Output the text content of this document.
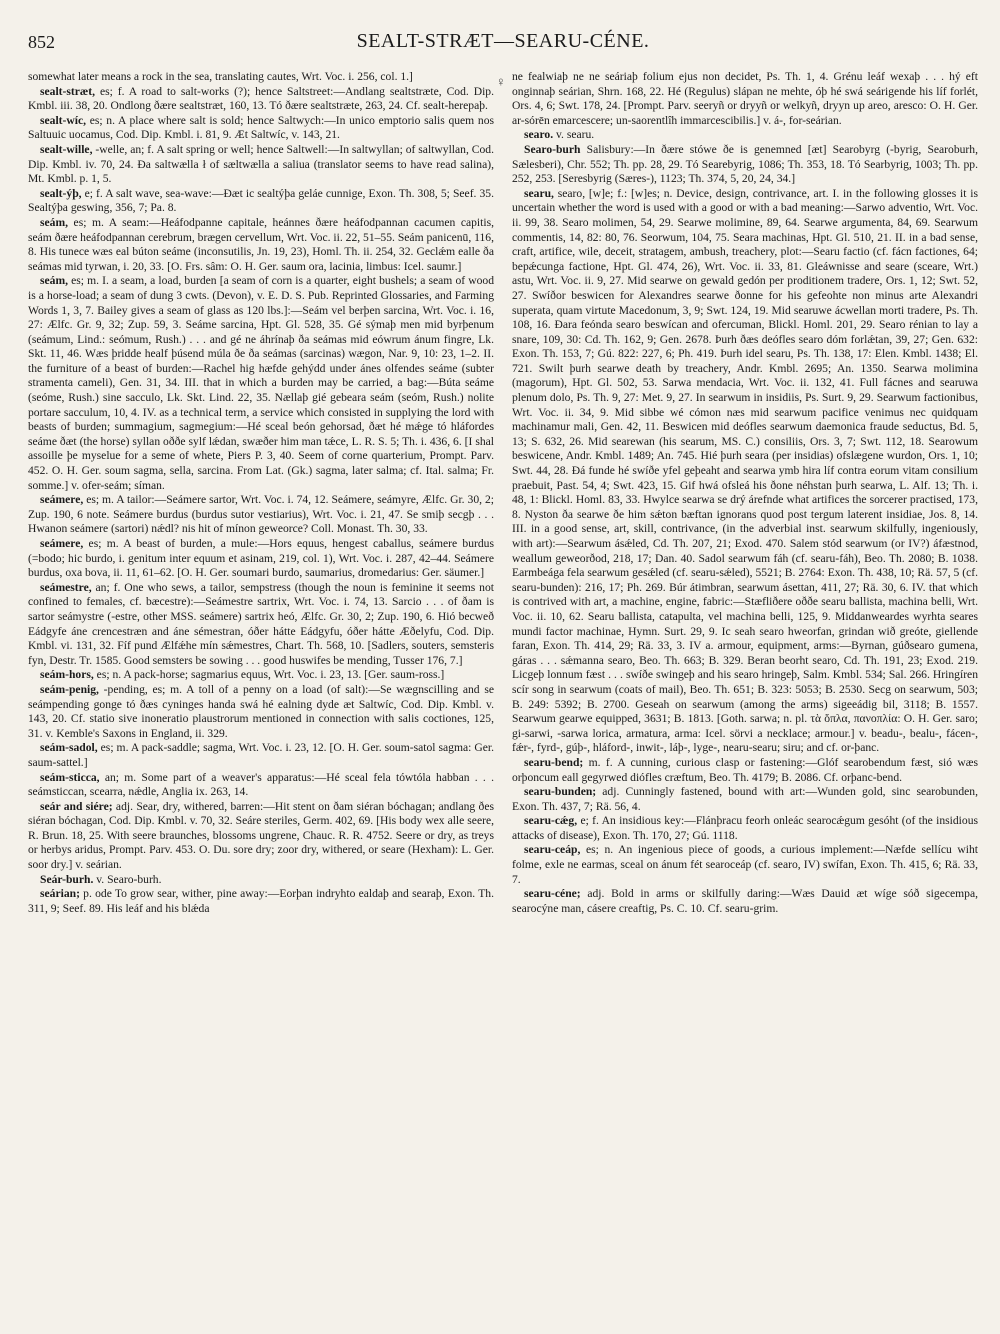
852	SEALT-STRÆT—SEARU-CÉNE.
♀

somewhat later means a rock in the sea, translating cautes, Wrt. Voc. i. 256, col. 1.]

sealt-stræt, es; f. A road to salt-works (?); hence Saltstreet:—Andlang sealtstræte, Cod. Dip. Kmbl. iii. 38, 20. Ondlong ðære sealtstræt, 160, 13. Tó ðære sealtstræte, 263, 24. Cf. sealt-herepaþ.

sealt-wíc, es; n. A place where salt is sold; hence Saltwych:—In unico emptorio salis quem nos Saltuuic uocamus, Cod. Dip. Kmbl. i. 81, 9. Æt Saltwíc, v. 143, 21.

sealt-wille, -welle, an; f. A salt spring or well; hence Saltwell:—In saltwyllan; of saltwyllan, Cod. Dip. Kmbl. iv. 70, 24. Ða saltwælla ł of sæltwælla a saliua (translator seems to have read salina), Mt. Kmbl. p. 1, 5.

sealt-ýþ, e; f. A salt wave, sea-wave:—Ðæt ic sealtýþa geláe cunnige, Exon. Th. 308, 5; Seef. 35. Sealtýþa geswing, 356, 7; Pa. 8.

seám, es; m. A seam:—Heáfodpanne capitale, heánnes ðære heáfodpannan cacumen capitis, seám ðære heáfodpannan cerebrum, brægen cervellum, Wrt. Voc. ii. 22, 51–55. Seám panicenū, 116, 8. His tunece wæs eal búton seáme (inconsutilis, Jn. 19, 23), Homl. Th. ii. 254, 32. Geclǽm ealle ða seámas mid tyrwan, i. 20, 33. [O. Frs. sâm: O. H. Ger. saum ora, lacinia, limbus: Icel. saumr.]

seám, es; m. I. a seam, a load, burden [a seam of corn is a quarter, eight bushels; a seam of wood is a horse-load; a seam of dung 3 cwts. (Devon), v. E. D. S. Pub. Reprinted Glossaries, and Farming Words 1, 3, 7. Bailey gives a seam of glass as 120 lbs.]:—Seám vel berþen sarcina, Wrt. Voc. i. 16, 27: Ælfc. Gr. 9, 32; Zup. 59, 3. Seáme sarcina, Hpt. Gl. 528, 35. Gé sýmaþ men mid byrþenum (seámum, Lind.: seómum, Rush.) . . . and gé ne áhrínaþ ða seámas mid eówrum ánum fingre, Lk. Skt. 11, 46. Wæs þridde healf þúsend múla ðe ða seámas (sarcinas) wægon, Nar. 9, 10: 23, 1–2. II. the furniture of a beast of burden:—Rachel hig hæfde gehýdd under ánes olfendes seáme (subter stramenta cameli), Gen. 31, 34. III. that in which a burden may be carried, a bag:—Búta seáme (seóme, Rush.) sine sacculo, Lk. Skt. Lind. 22, 35. Nællaþ gié gebeara seám (seóm, Rush.) nolite portare sacculum, 10, 4. IV. as a technical term, a service which consisted in supplying the lord with beasts of burden; summagium, sagmegium:—Hé sceal beón gehorsad, ðæt hé mǽge tó hláfordes seáme ðæt (the horse) syllan oððe sylf lǽdan, swæðer him man tǽce, L. R. S. 5; Th. i. 436, 6. [I shal assoille þe myselue for a seme of whete, Piers P. 3, 40. Seem of corne quarterium, Prompt. Parv. 452. O. H. Ger. soum sagma, sella, sarcina. From Lat. (Gk.) sagma, later salma; cf. Ital. salma; Fr. somme.] v. ofer-seám; síman.

seámere, es; m. A tailor:—Seámere sartor, Wrt. Voc. i. 74, 12. Seámere, seámyre, Ælfc. Gr. 30, 2; Zup. 190, 6 note. Seámere burdus (burdus sutor vestiarius), Wrt. Voc. i. 21, 47. Se smiþ secgþ . . . Hwanon seámere (sartori) nǽdl? nis hit of mínon geweorce? Coll. Monast. Th. 30, 33.

seámere, es; m. A beast of burden, a mule:—Hors equus, hengest caballus, seámere burdus (=bodo; hic burdo, i. genitum inter equum et asinam, 219, col. 1), Wrt. Voc. i. 287, 42–44. Seámere burdus, oxa bova, ii. 11, 61–62. [O. H. Ger. soumari burdo, saumarius, dromedarius: Ger. säumer.]

seámestre, an; f. One who sews, a tailor, sempstress (though the noun is feminine it seems not confined to females, cf. bæcestre):—Seámestre sartrix, Wrt. Voc. i. 74, 13. Sarcio . . . of ðam is sartor seámystre (-estre, other MSS. seámere) sartrix heó, Ælfc. Gr. 30, 2; Zup. 190, 6. Hió becweð Eádgyfe áne crencestræn and áne sémestran, óðer hátte Eádgyfu, óðer hátte Æðelyfu, Cod. Dip. Kmbl. vi. 131, 32. Fíf pund Ælfǽhe mín sǽmestres, Chart. Th. 568, 10. [Sadlers, souters, semsteris fyn, Destr. Tr. 1585. Good semsters be sowing . . . good huswifes be mending, Tusser 176, 7.]

seám-hors, es; n. A pack-horse; sagmarius equus, Wrt. Voc. i. 23, 13. [Ger. saum-ross.]

seám-penig, -pending, es; m. A toll of a penny on a load (of salt):—Se wægnscilling and se seámpending gonge tó ðæs cyninges handa swá hé ealning dyde æt Saltwíc, Cod. Dip. Kmbl. v. 143, 20. Cf. statio sive inoneratio plaustrorum mentioned in connection with salis coctiones, 125, 31. v. Kemble's Saxons in England, ii. 329.

seám-sadol, es; m. A pack-saddle; sagma, Wrt. Voc. i. 23, 12. [O. H. Ger. soum-satol sagma: Ger. saum-sattel.]

seám-sticca, an; m. Some part of a weaver's apparatus:—Hé sceal fela tówtóla habban . . . seámsticcan, scearra, nǽdle, Anglia ix. 263, 14.

seár and siére; adj. Sear, dry, withered, barren:—Hit stent on ðam siéran bóchagan; andlang ðes siéran bóchagan, Cod. Dip. Kmbl. v. 70, 32. Seáre steriles, Germ. 402, 69. [His body wex alle seere, R. Brun. 18, 25. With seere braunches, blossoms ungrene, Chauc. R. R. 4752. Seere or dry, as treys or herbys aridus, Prompt. Parv. 453. O. Du. sore dry; zoor dry, withered, or seare (Hexham): L. Ger. soor dry.] v. seárian.

Seár-burh. v. Searo-burh.

seárian; p. ode To grow sear, wither, pine away:—Eorþan indryhto ealdaþ and searaþ, Exon. Th. 311, 9; Seef. 89. His leáf and his blǽda

ne fealwiaþ ne ne seáriaþ folium ejus non decidet, Ps. Th. 1, 4. Grénu leáf wexaþ . . . hý eft onginnaþ seárian, Shrn. 168, 22. Hé (Regulus) slápan ne mehte, óþ hé swá seárigende his líf forlét, Ors. 4, 6; Swt. 178, 24. [Prompt. Parv. seeryñ or dryyñ or welkyñ, dryyn up areo, aresco: O. H. Ger. ar-sórēn emarcescere; un-saorentlîh immarcescibilis.] v. á-, for-seárian.

searo. v. searu.

Searo-burh Salisbury:—In ðære stówe ðe is genemned [æt] Searobyrg (-byrig, Searoburh, Sælesberi), Chr. 552; Th. pp. 28, 29. Tó Searebyrig, 1086; Th. 353, 18. Tó Searbyrig, 1003; Th. pp. 252, 253. [Seresbyrig (Særes-), 1123; Th. 374, 5, 20, 24, 34.]

searu, searo, [w]e; f.: [w]es; n. Device, design, contrivance, art. I. in the following glosses it is uncertain whether the word is used with a good or with a bad meaning:—Sarwo adventio, Wrt. Voc. ii. 99, 38. Searo molimen, 54, 29. Searwe molimine, 89, 64. Searwe argumenta, 84, 69. Searwum commentis, 14, 82: 80, 76. Seorwum, 104, 75. Seara machinas, Hpt. Gl. 510, 21. II. in a bad sense, craft, artifice, wile, deceit, stratagem, ambush, treachery, plot:—Searu factio (cf. fácn factiones, 64; bepǽcunga factione, Hpt. Gl. 474, 26), Wrt. Voc. ii. 33, 81. Gleáwnisse and seare (sceare, Wrt.) astu, Wrt. Voc. ii. 9, 27. Mid searwe on gewald gedón per proditionem tradere, Ors. 1, 12; Swt. 52, 27. Swíðor beswicen for Alexandres searwe ðonne for his gefeohte non minus arte Alexandri superata, quam virtute Macedonum, 3, 9; Swt. 124, 19. Mid searuwe ácwellan morti tradere, Ps. Th. 108, 16. Ðara feónda searo beswícan and ofercuman, Blickl. Homl. 201, 29. Searo rénian to lay a snare, 109, 30: Cd. Th. 162, 9; Gen. 2678. Þurh ðæs deófles searo dóm forlǽtan, 39, 27; Gen. 632: Exon. Th. 153, 7; Gú. 822: 227, 6; Ph. 419. Þurh idel searu, Ps. Th. 138, 17: Elen. Kmbl. 1438; El. 721. Swilt þurh searwe death by treachery, Andr. Kmbl. 2695; An. 1350. Searwa molimina (magorum), Hpt. Gl. 502, 53. Sarwa mendacia, Wrt. Voc. ii. 132, 41. Full fácnes and searuwa plenum dolo, Ps. Th. 9, 27: Met. 9, 27. In searwum in insidiis, Ps. Surt. 9, 29. Searwum factionibus, Wrt. Voc. ii. 34, 9. Mid sibbe wé cómon næs mid searwum pacifice venimus nec quidquam machinamur mali, Gen. 42, 11. Beswicen mid deófles searwum daemonica fraude seductus, Bd. 5, 13; S. 632, 26. Mid searewan (his searum, MS. C.) consiliis, Ors. 3, 7; Swt. 112, 18. Searowum beswicene, Andr. Kmbl. 1489; An. 745. Hié þurh seara (per insidias) ofslægene wurdon, Ors. 1, 10; Swt. 44, 28. Ðá funde hé swíðe yfel geþeaht and searwa ymb hira líf contra eorum vitam consilium praebuit, Past. 54, 4; Swt. 423, 15. Gif hwá ofsleá his ðone néhstan þurh searwa, L. Alf. 13; Th. i. 48, 1: Blickl. Homl. 83, 33. Hwylce searwa se drý árefnde what artifices the sorcerer practised, 173, 8. Nyston ða searwe ðe him sǽton bæftan ignorans quod post tergum laterent insidiae, Jos. 8, 14. III. in a good sense, art, skill, contrivance, (in the adverbial inst. searwum skilfully, ingeniously, with art):—Searwum ásǽled, Cd. Th. 207, 21; Exod. 470. Salem stód searwum (or IV?) áfæstnod, weallum geweorðod, 218, 17; Dan. 40. Sadol searwum fáh (cf. searu-fáh), Beo. Th. 2080; B. 1038. Earmbeága fela searwum gesǽled (cf. searu-sǽled), 5521; B. 2764: Exon. Th. 438, 10; Rä. 57, 5 (cf. searu-bunden): 216, 17; Ph. 269. Búr átimbran, searwum ásettan, 411, 27; Rä. 30, 6. IV. that which is contrived with art, a machine, engine, fabric:—Stæfliðere oððe searu ballista, machina belli, Wrt. Voc. ii. 10, 62. Searu ballista, catapulta, vel machina belli, 125, 9. Middanweardes wyrhta seares mundi factor machinae, Hymn. Surt. 29, 9. Ic seah searo hweorfan, grindan wið greóte, giellende faran, Exon. Th. 414, 29; Rä. 33, 3. IV a. armour, equipment, arms:—Byrnan, gúðsearo gumena, gáras . . . sǽmanna searo, Beo. Th. 663; B. 329. Beran beorht searo, Cd. Th. 191, 23; Exod. 219. Licgeþ lonnum fæst . . . swíðe swingeþ and his searo hringeþ, Salm. Kmbl. 534; Sal. 266. Hringíren scír song in searwum (coats of mail), Beo. Th. 651; B. 323: 5053; B. 2530. Secg on searwum, 503; B. 249: 5392; B. 2700. Geseah on searwum (among the arms) sigeeádig bil, 3118; B. 1557. Searwum gearwe equipped, 3631; B. 1813. [Goth. sarwa; n. pl. τὰ ὅπλα, πανοπλία: O. H. Ger. saro; gi-sarwi, -sarwa lorica, armatura, arma: Icel. sörvi a necklace; armour.] v. beadu-, bealu-, fácen-, fǽr-, fyrd-, gúþ-, hláford-, inwit-, láþ-, lyge-, nearu-searu; siru; and cf. or-þanc.

searu-bend; m. f. A cunning, curious clasp or fastening:—Glóf searobendum fæst, sió wæs orþoncum eall gegyrwed diófles cræftum, Beo. Th. 4179; B. 2086. Cf. orþanc-bend.

searu-bunden; adj. Cunningly fastened, bound with art:—Wunden gold, sinc searobunden, Exon. Th. 437, 7; Rä. 56, 4.

searu-cǽg, e; f. An insidious key:—Flánþracu feorh onleác searocǽgum gesóht (of the insidious attacks of disease), Exon. Th. 170, 27; Gú. 1118.

searu-ceáp, es; n. An ingenious piece of goods, a curious implement:—Næfde sellícu wiht folme, exle ne earmas, sceal on ánum fét searoceáp (cf. searo, IV) swífan, Exon. Th. 415, 6; Rä. 33, 7.

searu-céne; adj. Bold in arms or skilfully daring:—Wæs Dauid æt wíge sóð sigecempa, searocýne man, cásere creaftig, Ps. C. 10. Cf. searu-grim.
